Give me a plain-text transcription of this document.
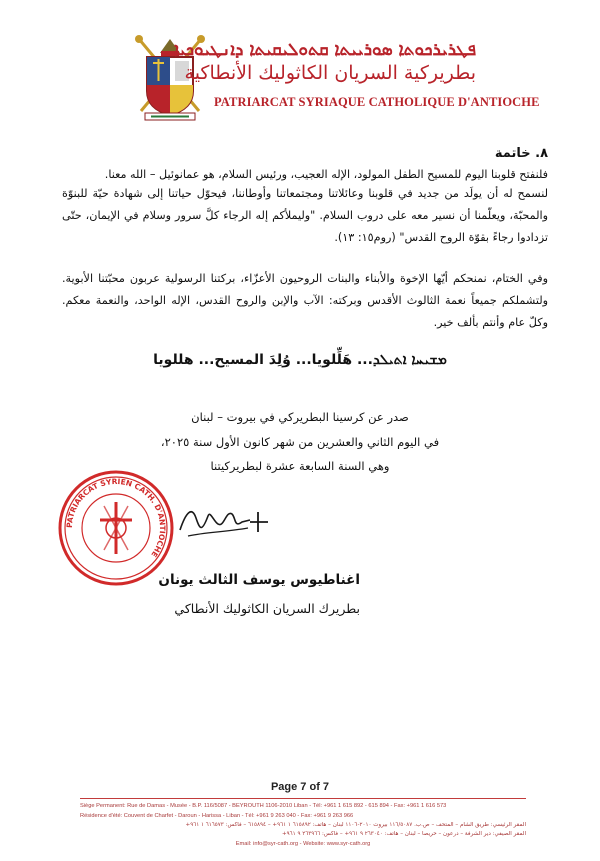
ܦܛܪܝܪܟܘܬܐ ܣܘܪܝܝܬܐ ܩܬܘܠܝܩܝܬܐ ܕܐܢܛܝܘܟܝܐ
بطريركية السريان الكاثوليك الأنطاكية
PATRIARCAT SYRIAQUE CATHOLIQUE D'ANTIOCHE
٨. خاتمة
فلنفتح قلوبنا اليوم للمسيح الطفل المولود، الإله العجيب، ورئيس السلام، هو عمانوئيل – الله معنا.
لنسمح له أن يولَد من جديد في قلوبنا وعائلاتنا ومجتمعاتنا وأوطاننا، فيحوّل حياتنا إلى شهادة حيّة للبنوّة والمحبّة، ويعلّمنا أن نسير معه على دروب السلام. "وليملأكم إله الرجاء كلَّ سرور وسلام في الإيمان، حتّى تزدادوا رجاءً بقوّة الروح القدس" (روم١٥: ١٣).
وفي الختام، نمنحكم أيّها الإخوة والأبناء والبنات الروحيون الأعزّاء، بركتنا الرسولية عربون محبّتنا الأبوية. ولتشملكم جميعاً نعمة الثالوث الأقدس وبركته: الآب والإبن والروح القدس، الإله الواحد، والنعمة معكم. وكلّ عام وأنتم بألف خير.
ܡܫܝܚܐ ܐܬܝܠܕ... هَلِّلويا... وُلِدَ المسيح... هللويا
صدر عن كرسينا البطريركي في بيروت – لبنان
في اليوم الثاني والعشرين من شهر كانون الأول سنة ٢٠٢٥،
وهي السنة السابعة عشرة لبطريركيتنا
PATRIARCAT SYRIEN CATH. D'ANTIOCHE
اغناطيوس يوسف الثالث يونان
بطريرك السريان الكاثوليك الأنطاكي
Page 7 of 7
Siège Permanent: Rue de Damas - Musée - B.P. 116/5087 - BEYROUTH 1106-2010 Liban - Tél: +961 1 615 892 - 615 894 - Fax: +961 1 616 573
Résidence d'été: Couvent de Charfet - Daroun - Harissa - Liban - Tél: +961 9 263 040 - Fax: +961 9 263 966
المقر الرئيسي: طريق الشام – المتحف – ص.ب. ١١٦/٥٠٨٧ بيروت ٢٠١٠-١١٠٦ لبنان – هاتف: ٦١٥٨٩٢ ١ ٩٦١+ – ٦١٥٨٩٤ – فاكس: ٦١٦٥٧٣ ١ ٩٦١+
المقر الصيفي: دير الشرفة – درعون – حريصا – لبنان – هاتف: ٢٦٣٠٤٠ ٩ ٩٦١+ – فاكس: ٢٦٣٩٦٦ ٩ ٩٦١+
Email: info@syr-cath.org - Website: www.syr-cath.org
